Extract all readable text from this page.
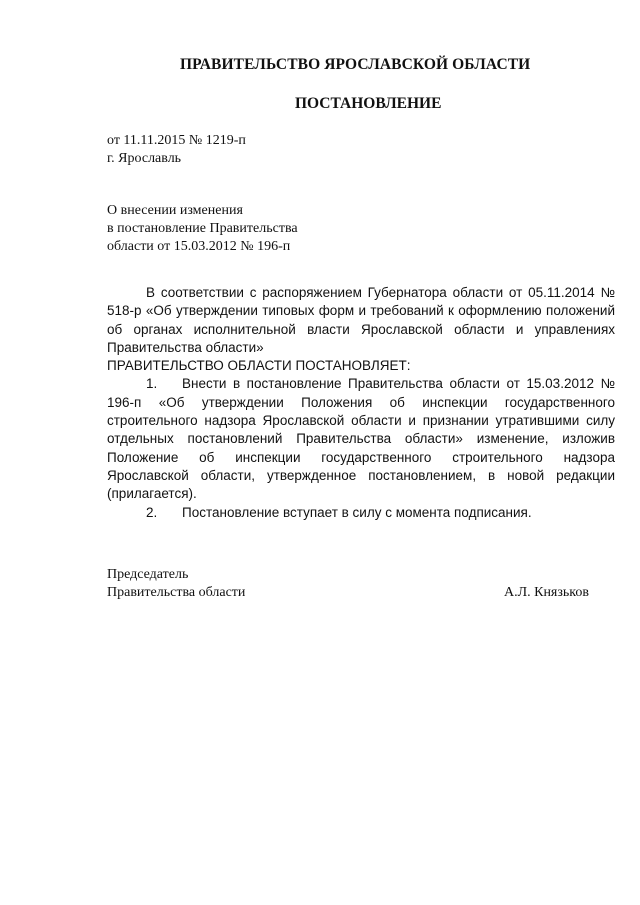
ПРАВИТЕЛЬСТВО ЯРОСЛАВСКОЙ ОБЛАСТИ
ПОСТАНОВЛЕНИЕ
от 11.11.2015 № 1219-п
г. Ярославль
О внесении изменения
в постановление Правительства
области от 15.03.2012 № 196-п

В соответствии с распоряжением Губернатора области от 05.11.2014 № 518-р «Об утверждении типовых форм и требований к оформлению положений об органах исполнительной власти Ярославской области и управлениях Правительства области»

ПРАВИТЕЛЬСТВО ОБЛАСТИ ПОСТАНОВЛЯЕТ:

1. Внести в постановление Правительства области от 15.03.2012 № 196-п «Об утверждении Положения об инспекции государственного строительного надзора Ярославской области и признании утратившими силу отдельных постановлений Правительства области» изменение, изложив Положение об инспекции государственного строительного надзора Ярославской области, утвержденное постановлением, в новой редакции (прилагается).

2. Постановление вступает в силу с момента подписания.

Председатель
Правительства области	А.Л. Князьков
